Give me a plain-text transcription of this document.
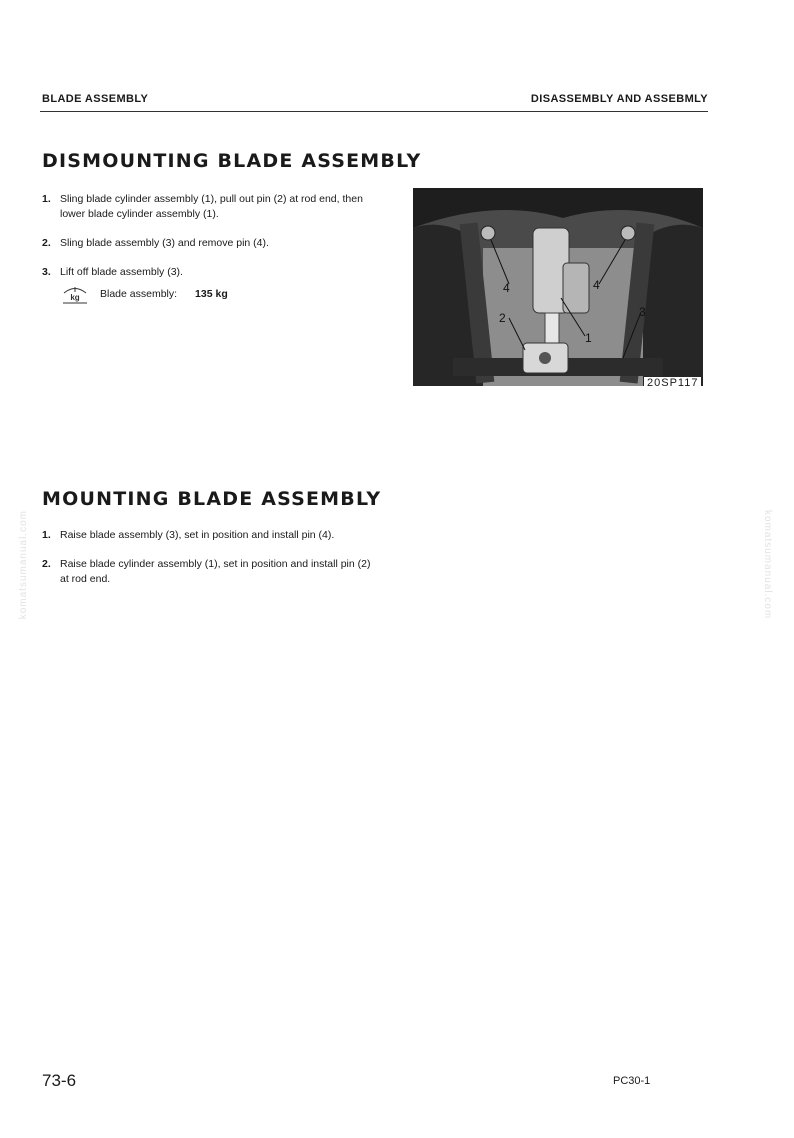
BLADE ASSEMBLY	DISASSEMBLY AND ASSEBMLY
DISMOUNTING BLADE ASSEMBLY
1. Sling blade cylinder assembly (1), pull out pin (2) at rod end, then lower blade cylinder assembly (1).
2. Sling blade assembly (3) and remove pin (4).
3. Lift off blade assembly (3).
kg Blade assembly: 135 kg	4	4
2
1
3
20SP117
MOUNTING BLADE ASSEMBLY
1. Raise blade assembly (3), set in position and install pin (4).
2. Raise blade cylinder assembly (1), set in position and install pin (2) at rod end.
komatsumanual.com	komatsumanual.com
73-6	PC30-1
